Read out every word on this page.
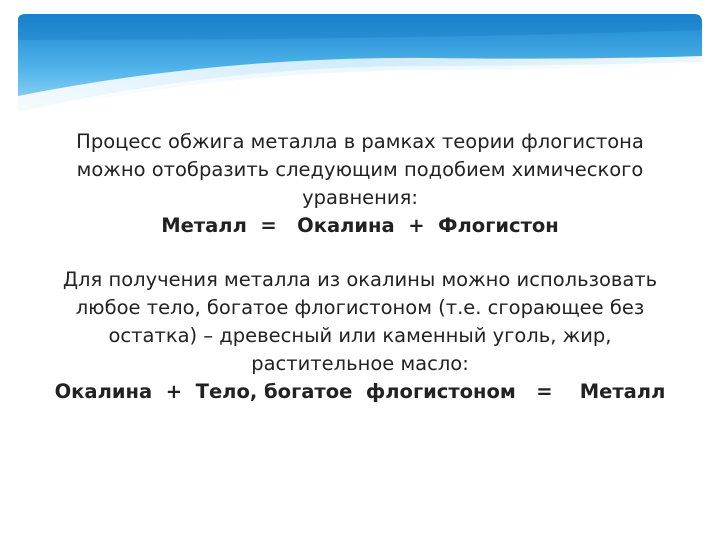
Процесс обжига металла в рамках теории флогистона можно отобразить следующим подобием химического уравнения:

Металл  =   Окалина  +  Флогистон

Для получения металла из окалины можно использовать любое тело, богатое флогистоном (т.е. сгорающее без остатка) – древесный или каменный уголь, жир, растительное масло:

Окалина  +  Тело, богатое  флогистоном   =    Металл
